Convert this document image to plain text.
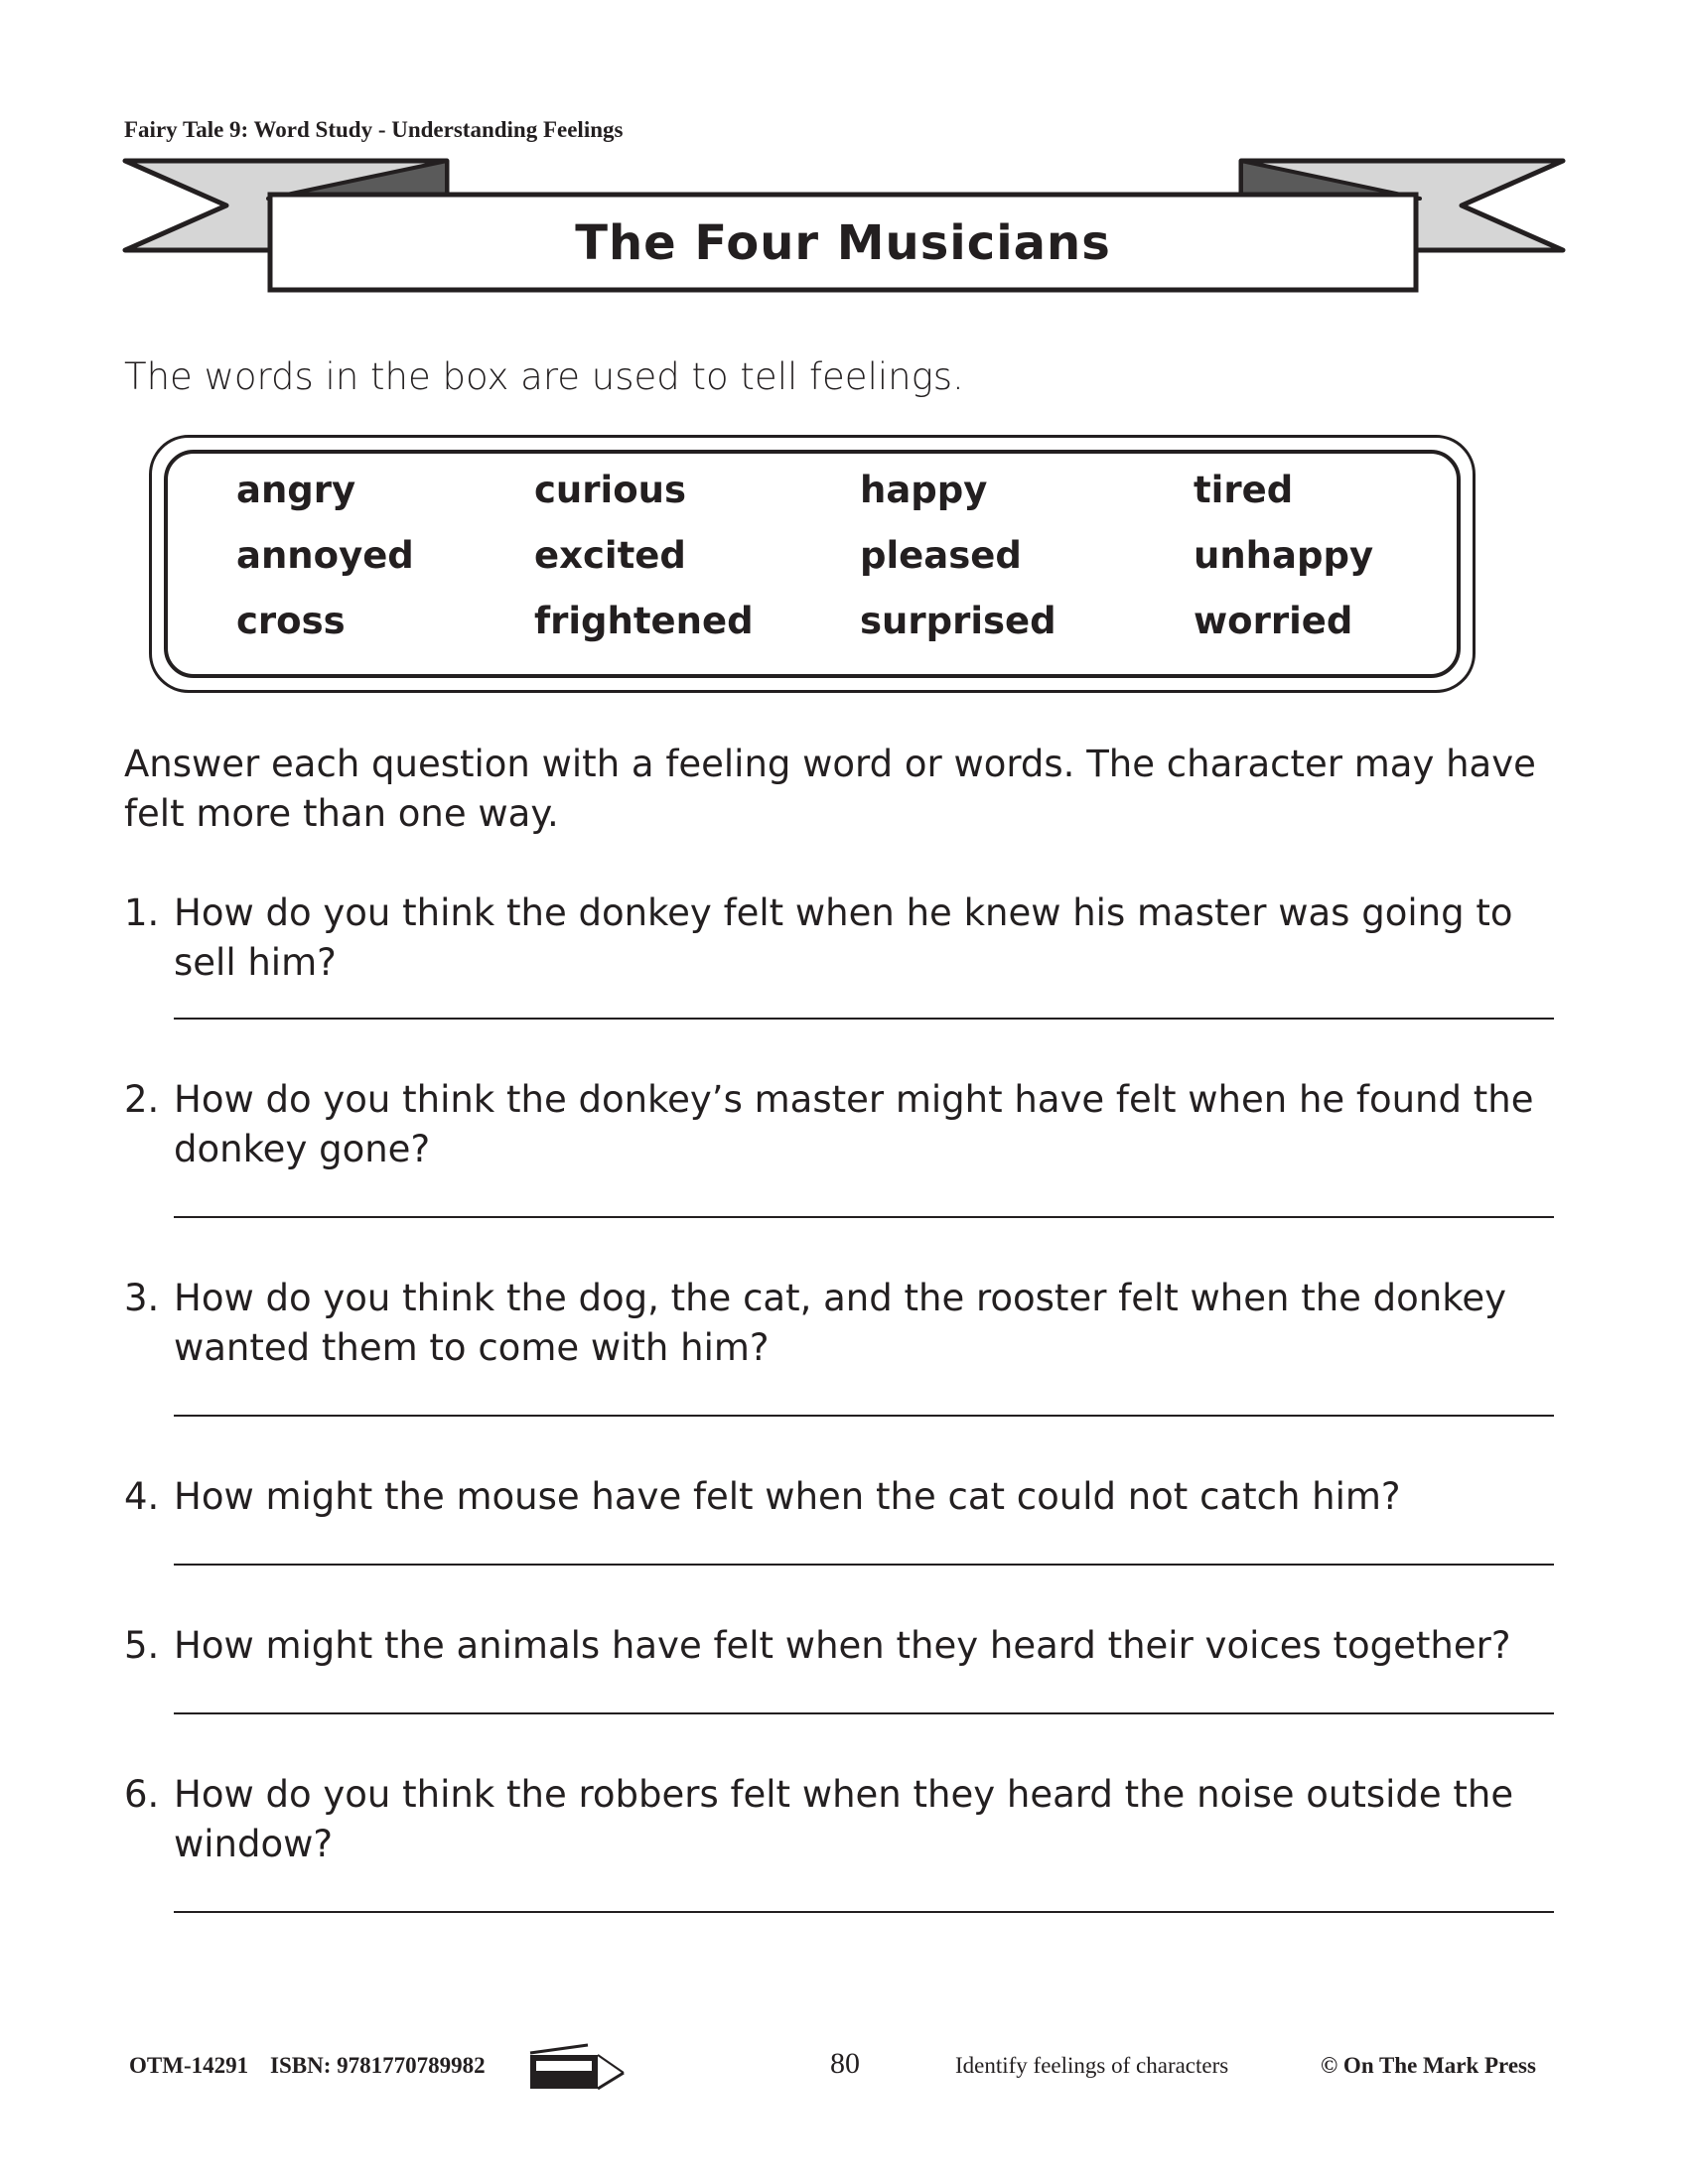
Fairy Tale 9: Word Study - Understanding Feelings
The Four Musicians
The words in the box are used to tell feelings.
angry	curious	happy	tired
annoyed	excited	pleased	unhappy
cross	frightened	surprised	worried
Answer each question with a feeling word or words. The character may have felt more than one way.
1. How do you think the donkey felt when he knew his master was going to sell him?
2. How do you think the donkey’s master might have felt when he found the donkey gone?
3. How do you think the dog, the cat, and the rooster felt when the donkey wanted them to come with him?
4. How might the mouse have felt when the cat could not catch him?
5. How might the animals have felt when they heard their voices together?
6. How do you think the robbers felt when they heard the noise outside the window?
OTM-14291 ISBN: 9781770789982	80	Identify feelings of characters	© On The Mark Press
